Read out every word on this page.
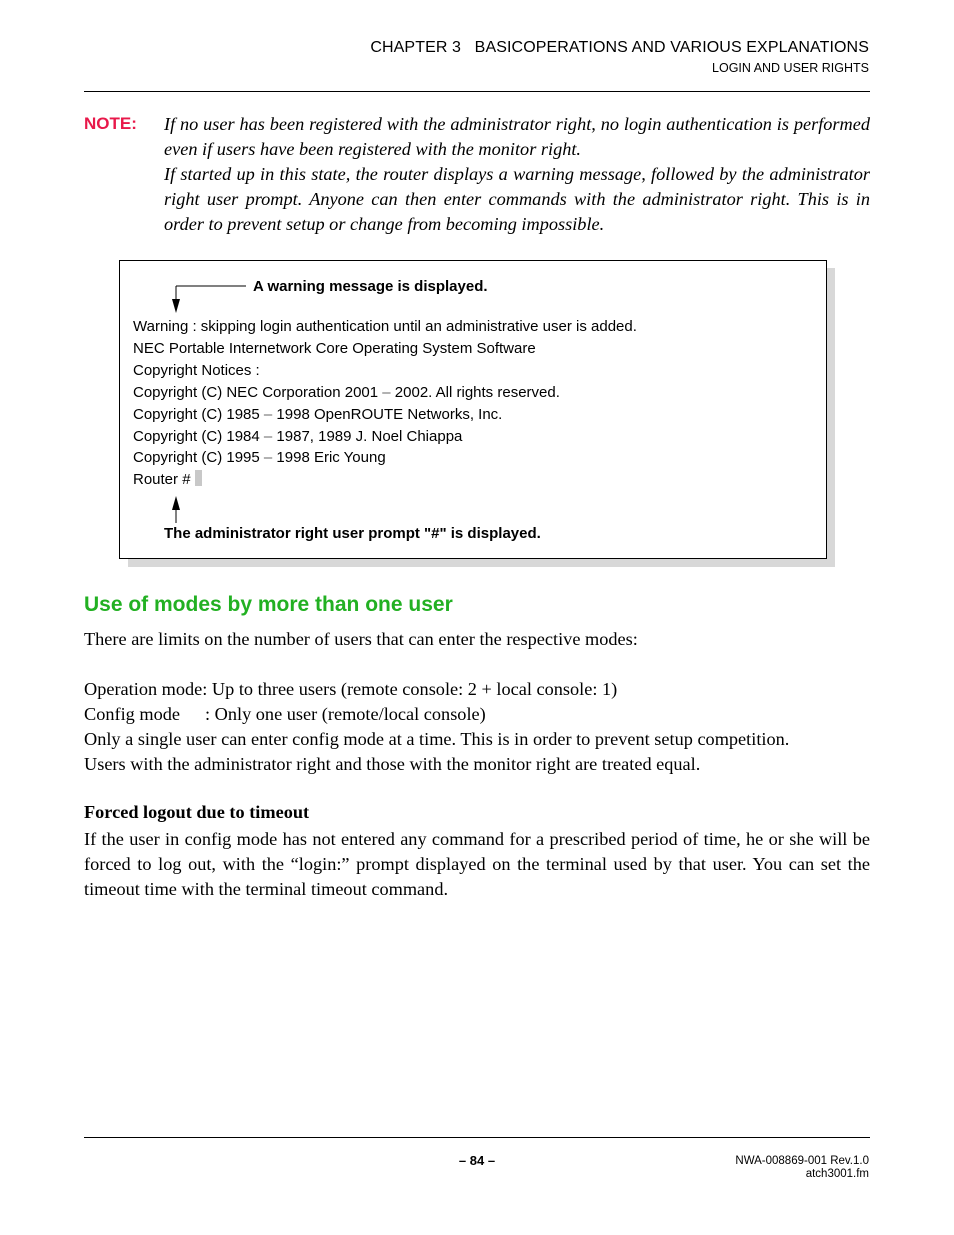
CHAPTER 3   BASICOPERATIONS AND VARIOUS EXPLANATIONS
LOGIN AND USER RIGHTS
NOTE: If no user has been registered with the administrator right, no login authentication is performed even if users have been registered with the monitor right.

If started up in this state, the router displays a warning message, followed by the administrator right user prompt. Anyone can then enter commands with the administrator right. This is in order to prevent setup or change from becoming impossible.

A warning message is displayed.
Warning : skipping login authentication until an administrative user is added.
NEC Portable Internetwork Core Operating System Software
Copyright Notices :
Copyright (C) NEC Corporation 2001 – 2002. All rights reserved.
Copyright (C) 1985 – 1998 OpenROUTE Networks, Inc.
Copyright (C) 1984 – 1987, 1989 J. Noel Chiappa
Copyright (C) 1995 – 1998 Eric Young
Router #
The administrator right user prompt "#" is displayed.
Use of modes by more than one user
There are limits on the number of users that can enter the respective modes:
Operation mode: Up to three users (remote console: 2 + local console: 1)
Config mode : Only one user (remote/local console)
Only a single user can enter config mode at a time. This is in order to prevent setup competition.
Users with the administrator right and those with the monitor right are treated equal.
Forced logout due to timeout
If the user in config mode has not entered any command for a prescribed period of time, he or she will be forced to log out, with the “login:” prompt displayed on the terminal used by that user. You can set the timeout time with the terminal timeout command.
– 84 –	NWA-008869-001 Rev.1.0
atch3001.fm
